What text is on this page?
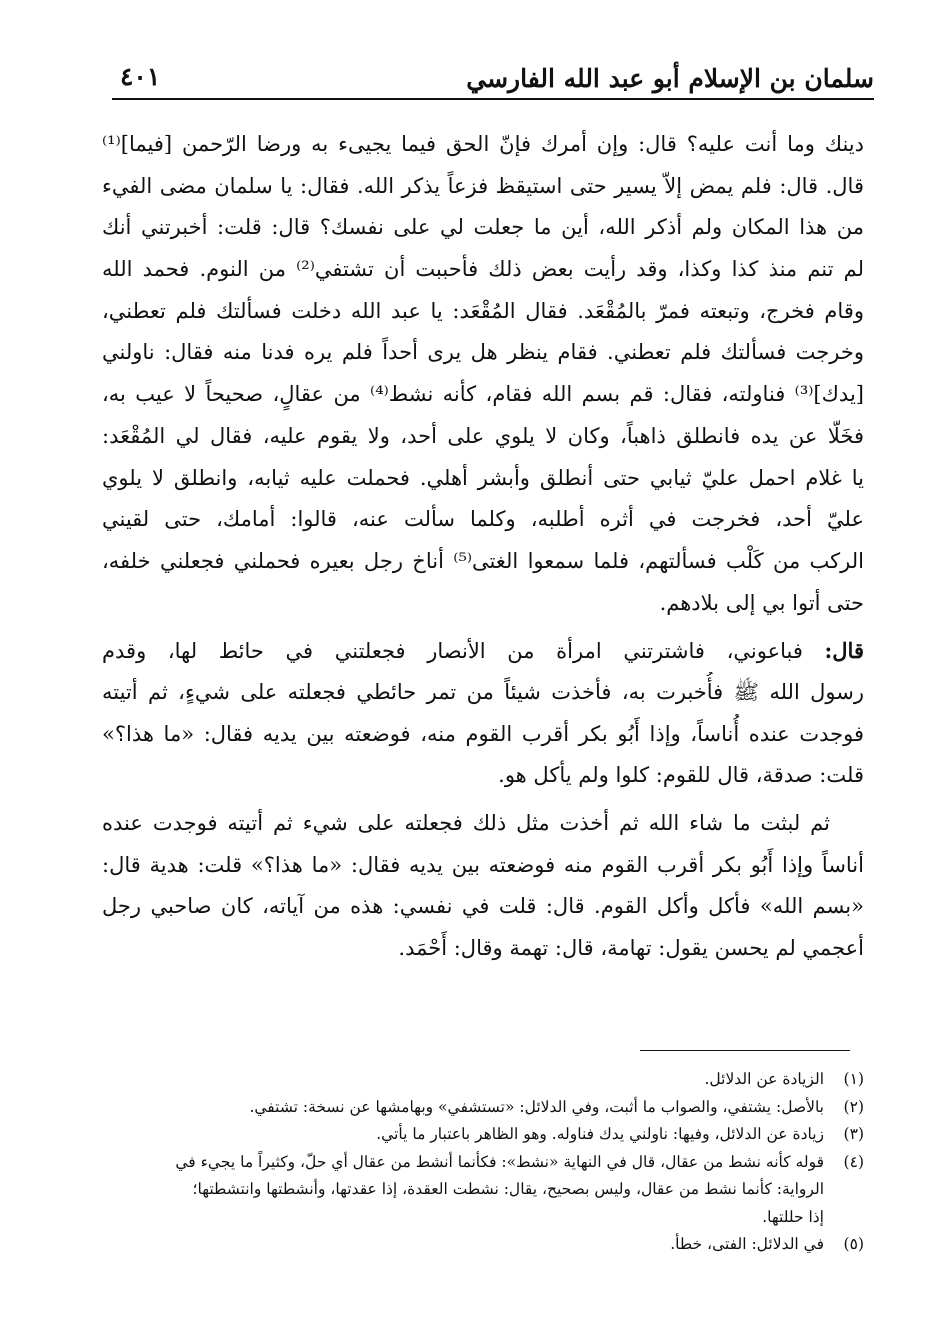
سلمان بن الإسلام أبو عبد الله الفارسي
٤٠١
دينك وما أنت عليه؟ قال: وإن أمرك فإنّ الحق فيما يجيىء به ورضا الرّحمن [فيما]⁽¹⁾
قال. قال: فلم يمض إلاّ يسير حتى استيقظ فزعاً يذكر الله. فقال: يا سلمان مضى الفيء
من هذا المكان ولم أذكر الله، أين ما جعلت لي على نفسك؟ قال: قلت: أخبرتني أنك
لم تنم منذ كذا وكذا، وقد رأيت بعض ذلك فأحببت أن تشتفي⁽²⁾ من النوم. فحمد الله
وقام فخرج، وتبعته فمرّ بالمُقْعَد. فقال المُقْعَد: يا عبد الله دخلت فسألتك فلم تعطني،
وخرجت فسألتك فلم تعطني. فقام ينظر هل يرى أحداً فلم يره فدنا منه فقال: ناولني
[يدك]⁽³⁾ فناولته، فقال: قم بسم الله فقام، كأنه نشط⁽⁴⁾ من عقالٍ، صحيحاً لا عيب به،
فخَلّا عن يده فانطلق ذاهباً، وكان لا يلوي على أحد، ولا يقوم عليه، فقال لي المُقْعَد:
يا غلام احمل عليّ ثيابي حتى أنطلق وأبشر أهلي. فحملت عليه ثيابه، وانطلق لا يلوي
عليّ أحد، فخرجت في أثره أطلبه، وكلما سألت عنه، قالوا: أمامك، حتى لقيني
الركب من كَلْب فسألتهم، فلما سمعوا الغتى⁽⁵⁾ أناخ رجل بعيره فحملني فجعلني خلفه،
حتى أتوا بي إلى بلادهم.
قال: فباعوني، فاشترتني امرأة من الأنصار فجعلتني في حائط لها، وقدم
رسول الله ﷺ فأُخبرت به، فأخذت شيئاً من تمر حائطي فجعلته على شيءٍ، ثم أتيته
فوجدت عنده أُناساً، وإذا أَبُو بكر أقرب القوم منه، فوضعته بين يديه فقال: «ما هذا؟»
قلت: صدقة، قال للقوم: كلوا ولم يأكل هو.
ثم لبثت ما شاء الله ثم أخذت مثل ذلك فجعلته على شيء ثم أتيته فوجدت عنده
أناساً وإذا أَبُو بكر أقرب القوم منه فوضعته بين يديه فقال: «ما هذا؟» قلت: هدية قال:
«بسم الله» فأكل وأكل القوم. قال: قلت في نفسي: هذه من آياته، كان صاحبي رجل
أعجمي لم يحسن يقول: تهامة، قال: تهمة وقال: أَحْمَد.
(١)الزيادة عن الدلائل.
(٢)بالأصل: يشتفي، والصواب ما أثبت، وفي الدلائل: «تستشفي» وبهامشها عن نسخة: تشتفي.
(٣)زيادة عن الدلائل، وفيها: ناولني يدك فناوله. وهو الظاهر باعتبار ما يأتي.
(٤)قوله كأنه نشط من عقال، قال في النهاية «نشط»: فكأنما أنشط من عقال أي حلّ، وكثيراً ما يجيء في
الرواية: كأنما نشط من عقال، وليس بصحيح، يقال: نشطت العقدة، إذا عقدتها، وأنشطتها وانتشطتها؛
إذا حللتها.
(٥)في الدلائل: الفتى، خطأ.
